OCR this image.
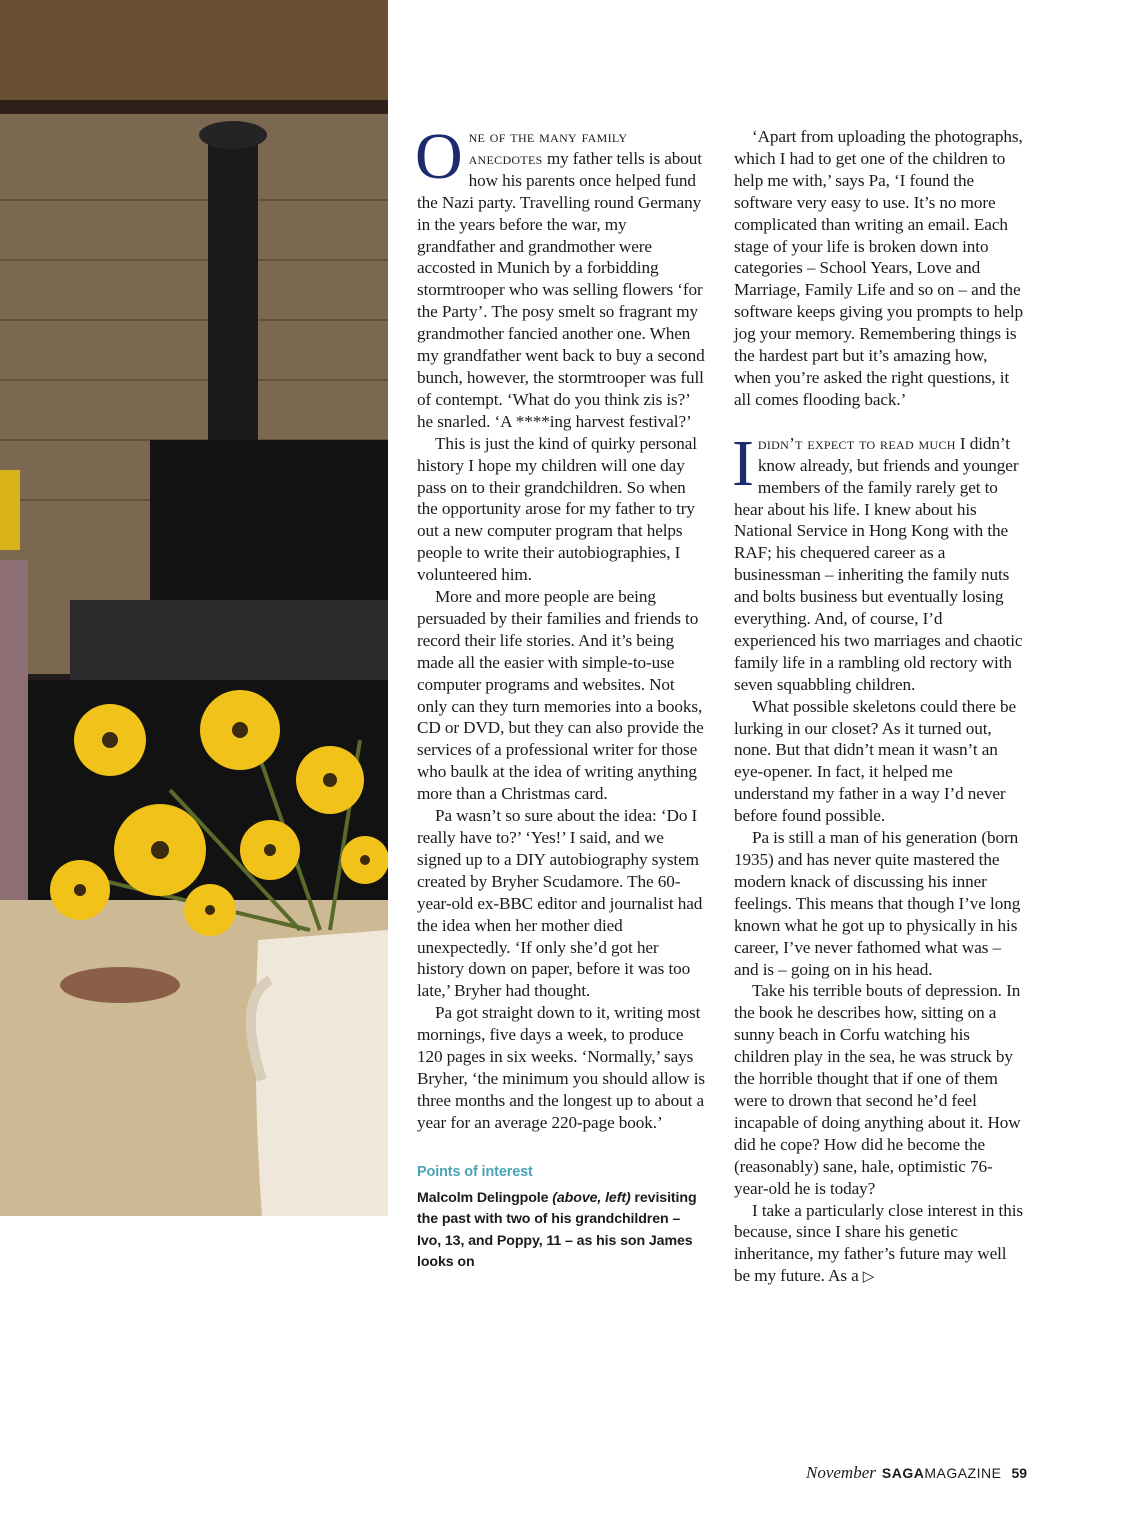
One of the many family anecdotes my father tells is about how his parents once helped fund the Nazi party. Travelling round Germany in the years before the war, my grandfather and grandmother were accosted in Munich by a forbidding stormtrooper who was selling flowers ‘for the Party’. The posy smelt so fragrant my grandmother fancied another one. When my grandfather went back to buy a second bunch, however, the stormtrooper was full of contempt. ‘What do you think zis is?’ he snarled. ‘A ****ing harvest festival?’

This is just the kind of quirky personal history I hope my children will one day pass on to their grandchildren. So when the opportunity arose for my father to try out a new computer program that helps people to write their autobiographies, I volunteered him.

More and more people are being persuaded by their families and friends to record their life stories. And it’s being made all the easier with simple-to-use computer programs and websites. Not only can they turn memories into a books, CD or DVD, but they can also provide the services of a professional writer for those who baulk at the idea of writing anything more than a Christmas card.

Pa wasn’t so sure about the idea: ‘Do I really have to?’ ‘Yes!’ I said, and we signed up to a DIY autobiography system created by Bryher Scudamore. The 60-year-old ex-BBC editor and journalist had the idea when her mother died unexpectedly. ‘If only she’d got her history down on paper, before it was too late,’ Bryher had thought.

Pa got straight down to it, writing most mornings, five days a week, to produce 120 pages in six weeks. ‘Normally,’ says Bryher, ‘the minimum you should allow is three months and the longest up to about a year for an average 220-page book.’

Points of interest
Malcolm Delingpole (above, left) revisiting the past with two of his grandchildren – Ivo, 13, and Poppy, 11 – as his son James looks on

‘Apart from uploading the photographs, which I had to get one of the children to help me with,’ says Pa, ‘I found the software very easy to use. It’s no more complicated than writing an email. Each stage of your life is broken down into categories – School Years, Love and Marriage, Family Life and so on – and the software keeps giving you prompts to help jog your memory. Remembering things is the hardest part but it’s amazing how, when you’re asked the right questions, it all comes flooding back.’

Ididn’t expect to read much I didn’t know already, but friends and younger members of the family rarely get to hear about his life. I knew about his National Service in Hong Kong with the RAF; his chequered career as a businessman – inheriting the family nuts and bolts business but eventually losing everything. And, of course, I’d experienced his two marriages and chaotic family life in a rambling old rectory with seven squabbling children.

What possible skeletons could there be lurking in our closet? As it turned out, none. But that didn’t mean it wasn’t an eye-opener. In fact, it helped me understand my father in a way I’d never before found possible.

Pa is still a man of his generation (born 1935) and has never quite mastered the modern knack of discussing his inner feelings. This means that though I’ve long known what he got up to physically in his career, I’ve never fathomed what was – and is – going on in his head.

Take his terrible bouts of depression. In the book he describes how, sitting on a sunny beach in Corfu watching his children play in the sea, he was struck by the horrible thought that if one of them were to drown that second he’d feel incapable of doing anything about it. How did he cope? How did he become the (reasonably) sane, hale, optimistic 76-year-old he is today?

I take a particularly close interest in this because, since I share his genetic inheritance, my father’s future may well be my future. As a ▷

November SAGAMAGAZINE 59
